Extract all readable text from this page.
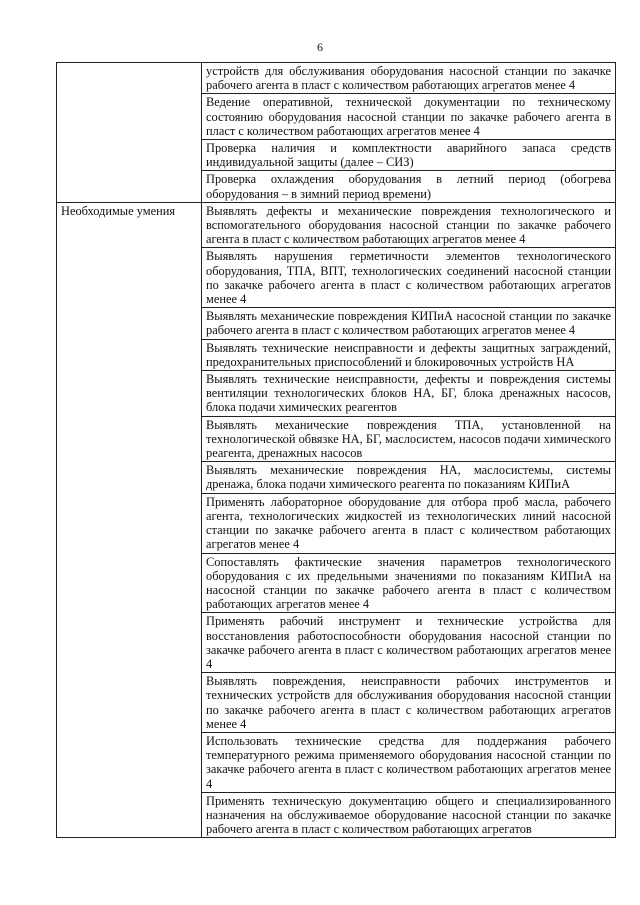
6
	устройств для обслуживания оборудования насосной станции по закачке рабочего агента в пласт с количеством работающих агрегатов менее 4
	Ведение оперативной, технической документации по техническому состоянию оборудования насосной станции по закачке рабочего агента в пласт с количеством работающих агрегатов менее 4
	Проверка наличия и комплектности аварийного запаса средств индивидуальной защиты (далее – СИЗ)
	Проверка охлаждения оборудования в летний период (обогрева оборудования – в зимний период времени)
Необходимые умения	Выявлять дефекты и механические повреждения технологического и вспомогательного оборудования насосной станции по закачке рабочего агента в пласт с количеством работающих агрегатов менее 4
	Выявлять нарушения герметичности элементов технологического оборудования, ТПА, ВПТ, технологических соединений насосной станции по закачке рабочего агента в пласт с количеством работающих агрегатов менее 4
	Выявлять механические повреждения КИПиА насосной станции по закачке рабочего агента в пласт с количеством работающих агрегатов менее 4
	Выявлять технические неисправности и дефекты защитных заграждений, предохранительных приспособлений и блокировочных устройств НА
	Выявлять технические неисправности, дефекты и повреждения системы вентиляции технологических блоков НА, БГ, блока дренажных насосов, блока подачи химических реагентов
	Выявлять механические повреждения ТПА, установленной на технологической обвязке НА, БГ, маслосистем, насосов подачи химического реагента, дренажных насосов
	Выявлять механические повреждения НА, маслосистемы, системы дренажа, блока подачи химического реагента по показаниям КИПиА
	Применять лабораторное оборудование для отбора проб масла, рабочего агента, технологических жидкостей из технологических линий насосной станции по закачке рабочего агента в пласт с количеством работающих агрегатов менее 4
	Сопоставлять фактические значения параметров технологического оборудования с их предельными значениями по показаниям КИПиА на насосной станции по закачке рабочего агента в пласт с количеством работающих агрегатов менее 4
	Применять рабочий инструмент и технические устройства для восстановления работоспособности оборудования насосной станции по закачке рабочего агента в пласт с количеством работающих агрегатов менее 4
	Выявлять повреждения, неисправности рабочих инструментов и технических устройств для обслуживания оборудования насосной станции по закачке рабочего агента в пласт с количеством работающих агрегатов менее 4
	Использовать технические средства для поддержания рабочего температурного режима применяемого оборудования насосной станции по закачке рабочего агента в пласт с количеством работающих агрегатов менее 4
	Применять техническую документацию общего и специализированного назначения на обслуживаемое оборудование насосной станции по закачке рабочего агента в пласт с количеством работающих агрегатов
